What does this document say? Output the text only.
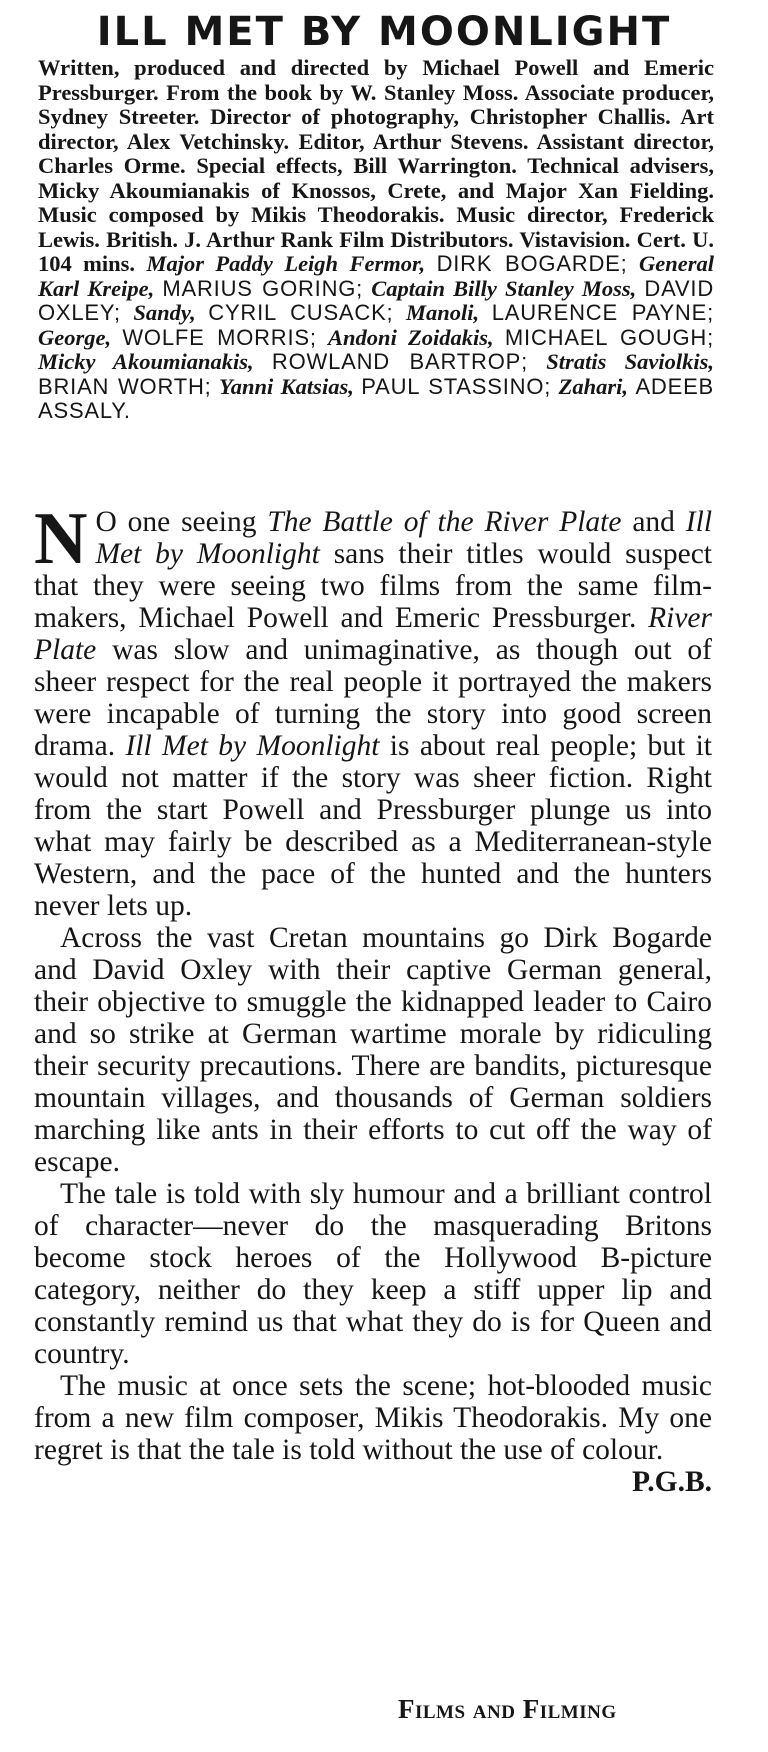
ILL MET BY MOONLIGHT
Written, produced and directed by Michael Powell and Emeric Pressburger. From the book by W. Stanley Moss. Associate producer, Sydney Streeter. Director of photography, Christopher Challis. Art director, Alex Vetchinsky. Editor, Arthur Stevens. Assistant director, Charles Orme. Special effects, Bill Warrington. Technical advisers, Micky Akoumianakis of Knossos, Crete, and Major Xan Fielding. Music composed by Mikis Theodorakis. Music director, Frederick Lewis. British. J. Arthur Rank Film Distributors. Vistavision. Cert. U. 104 mins. Major Paddy Leigh Fermor, DIRK BOGARDE; General Karl Kreipe, MARIUS GORING; Captain Billy Stanley Moss, DAVID OXLEY; Sandy, CYRIL CUSACK; Manoli, LAURENCE PAYNE; George, WOLFE MORRIS; Andoni Zoidakis, MICHAEL GOUGH; Micky Akoumianakis, ROWLAND BARTROP; Stratis Saviolkis, BRIAN WORTH; Yanni Katsias, PAUL STASSINO; Zahari, ADEEB ASSALY.

N O one seeing The Battle of the River Plate and Ill Met by Moonlight sans their titles would suspect that they were seeing two films from the same film-makers, Michael Powell and Emeric Pressburger. River Plate was slow and unimaginative, as though out of sheer respect for the real people it portrayed the makers were incapable of turning the story into good screen drama. Ill Met by Moonlight is about real people; but it would not matter if the story was sheer fiction. Right from the start Powell and Pressburger plunge us into what may fairly be described as a Mediterranean-style Western, and the pace of the hunted and the hunters never lets up.

Across the vast Cretan mountains go Dirk Bogarde and David Oxley with their captive German general, their objective to smuggle the kidnapped leader to Cairo and so strike at German wartime morale by ridiculing their security precautions. There are bandits, picturesque mountain villages, and thousands of German soldiers marching like ants in their efforts to cut off the way of escape.

The tale is told with sly humour and a brilliant control of character—never do the masquerading Britons become stock heroes of the Hollywood B-picture category, neither do they keep a stiff upper lip and constantly remind us that what they do is for Queen and country.

The music at once sets the scene; hot-blooded music from a new film composer, Mikis Theodorakis. My one regret is that the tale is told without the use of colour.
P.G.B.

Films and Filming
